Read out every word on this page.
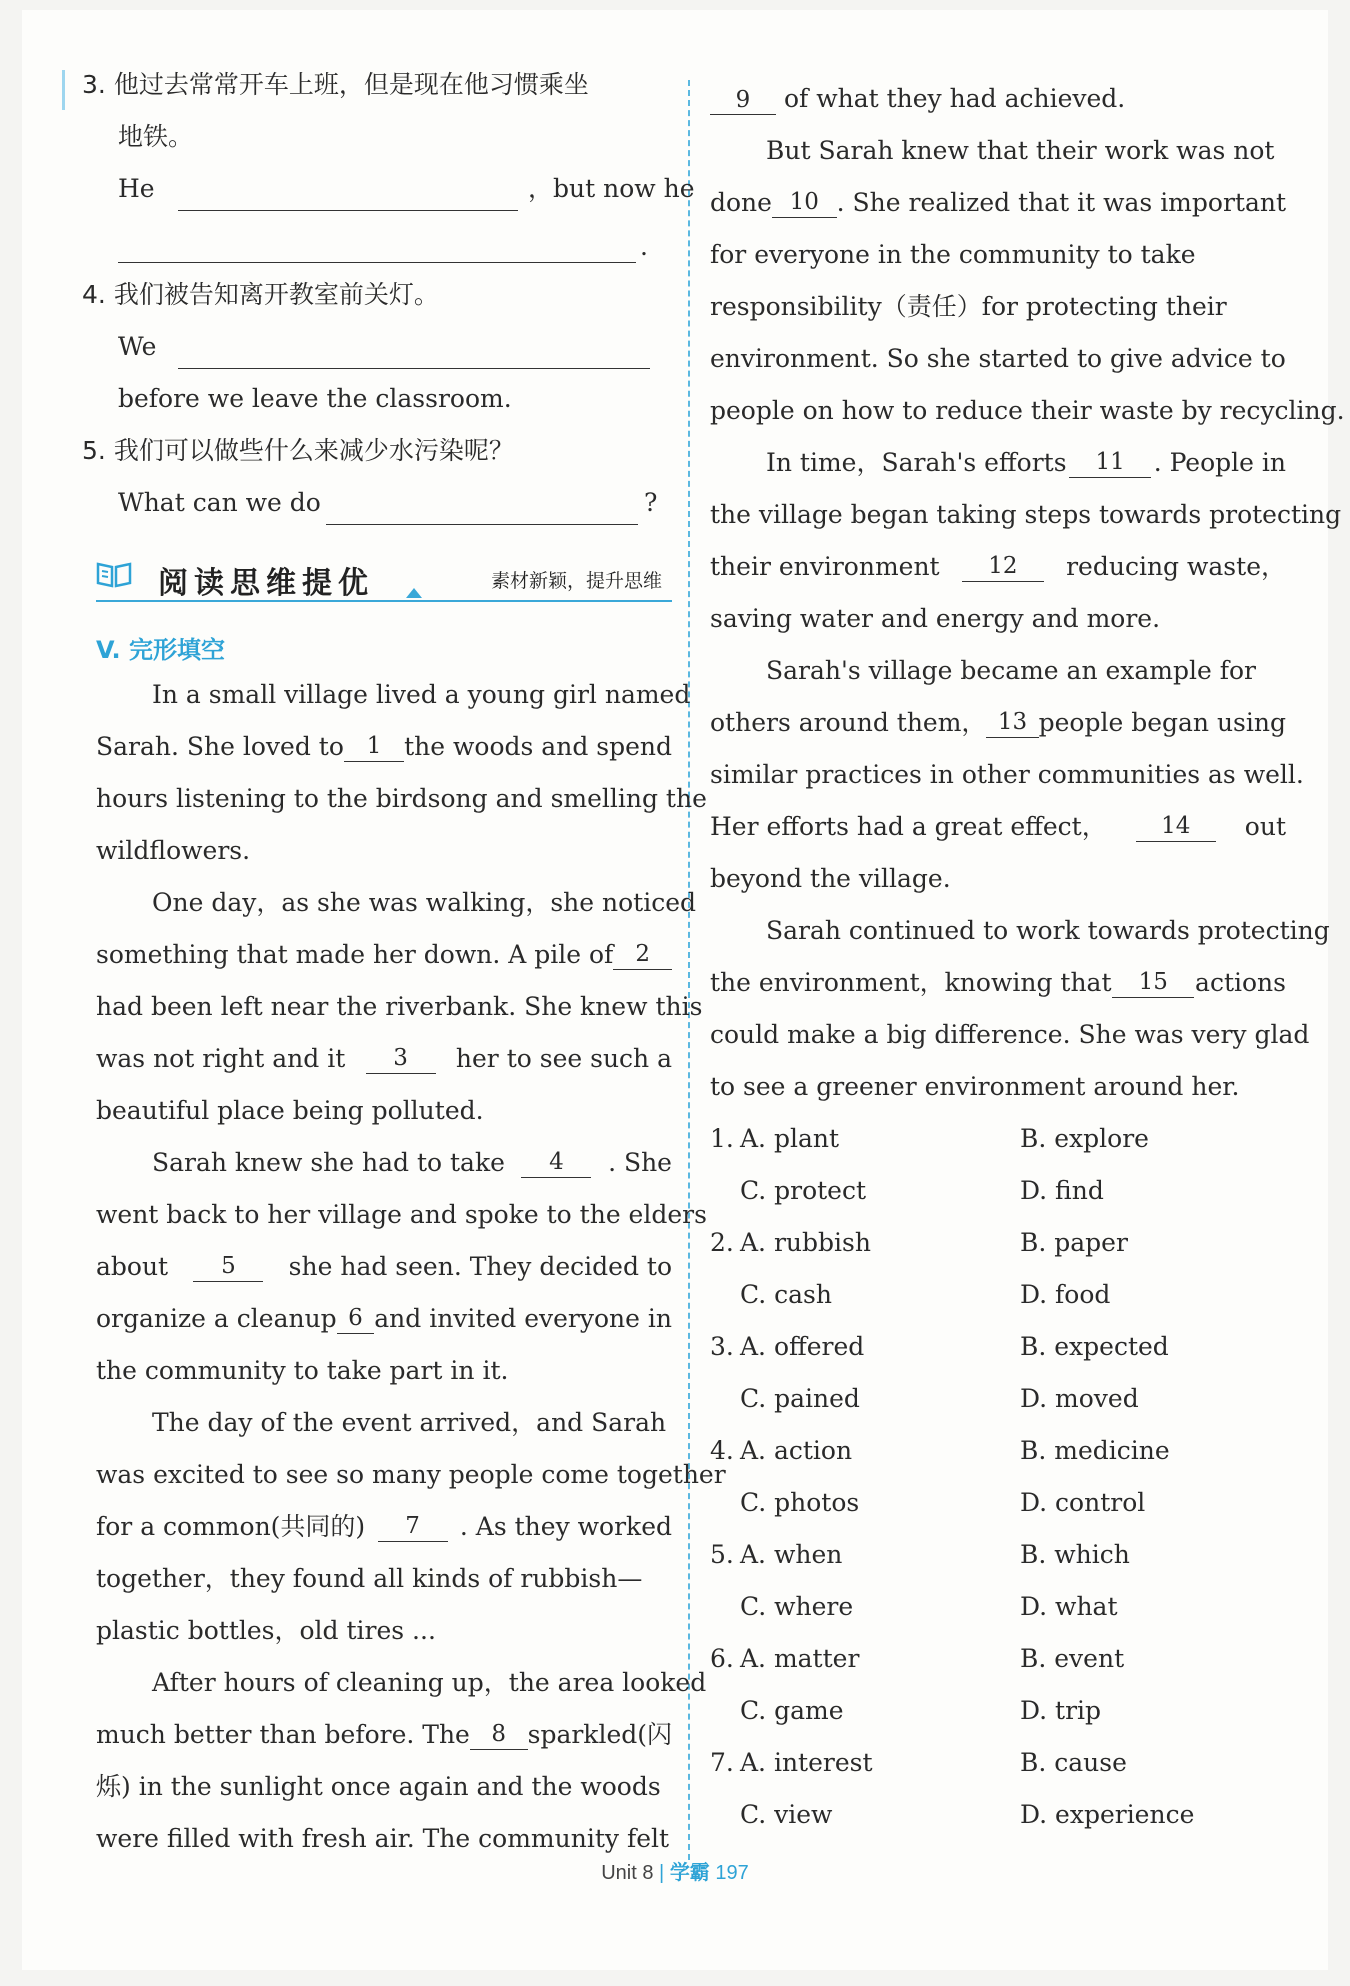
3. 他过去常常开车上班，但是现在他习惯乘坐
地铁。
He	，but now he
.
4. 我们被告知离开教室前关灯。
We
before we leave the classroom.
5. 我们可以做些什么来减少水污染呢？
What can we do	?
阅读思维提优	素材新颖，提升思维
V. 完形填空
In a small village lived a young girl named
Sarah. She loved to 1 the woods and spend
hours listening to the birdsong and smelling the
wildflowers.
One day，as she was walking，she noticed
something that made her down. A pile of 2
had been left near the riverbank. She knew this
was not right and it	3	her to see such a
beautiful place being polluted.
Sarah knew she had to take	4	. She
went back to her village and spoke to the elders
about	5	she had seen. They decided to
organize a cleanup 6 and invited everyone in
the community to take part in it.
The day of the event arrived，and Sarah
was excited to see so many people come together
for a common(共同的)	7	. As they worked
together，they found all kinds of rubbish—
plastic bottles，old tires ...
After hours of cleaning up，the area looked
much better than before. The 8 sparkled(闪
烁) in the sunlight once again and the woods
were filled with fresh air. The community felt
9 of what they had achieved.
But Sarah knew that their work was not
done 10 . She realized that it was important
for everyone in the community to take
responsibility（责任）for protecting their
environment. So she started to give advice to
people on how to reduce their waste by recycling.
In time，Sarah's efforts	11	. People in
the village began taking steps towards protecting
their environment	12	reducing waste，
saving water and energy and more.
Sarah's village became an example for
others around them， 13 people began using
similar practices in other communities as well.
Her efforts had a great effect，	14	out
beyond the village.
Sarah continued to work towards protecting
the environment，knowing that	15	actions
could make a big difference. She was very glad
to see a greener environment around her.
1. A. plant	B. explore
C. protect	D. find
2. A. rubbish	B. paper
C. cash	D. food
3. A. offered	B. expected
C. pained	D. moved
4. A. action	B. medicine
C. photos	D. control
5. A. when	B. which
C. where	D. what
6. A. matter	B. event
C. game	D. trip
7. A. interest	B. cause
C. view	D. experience
Unit 8 | 学霸 197
